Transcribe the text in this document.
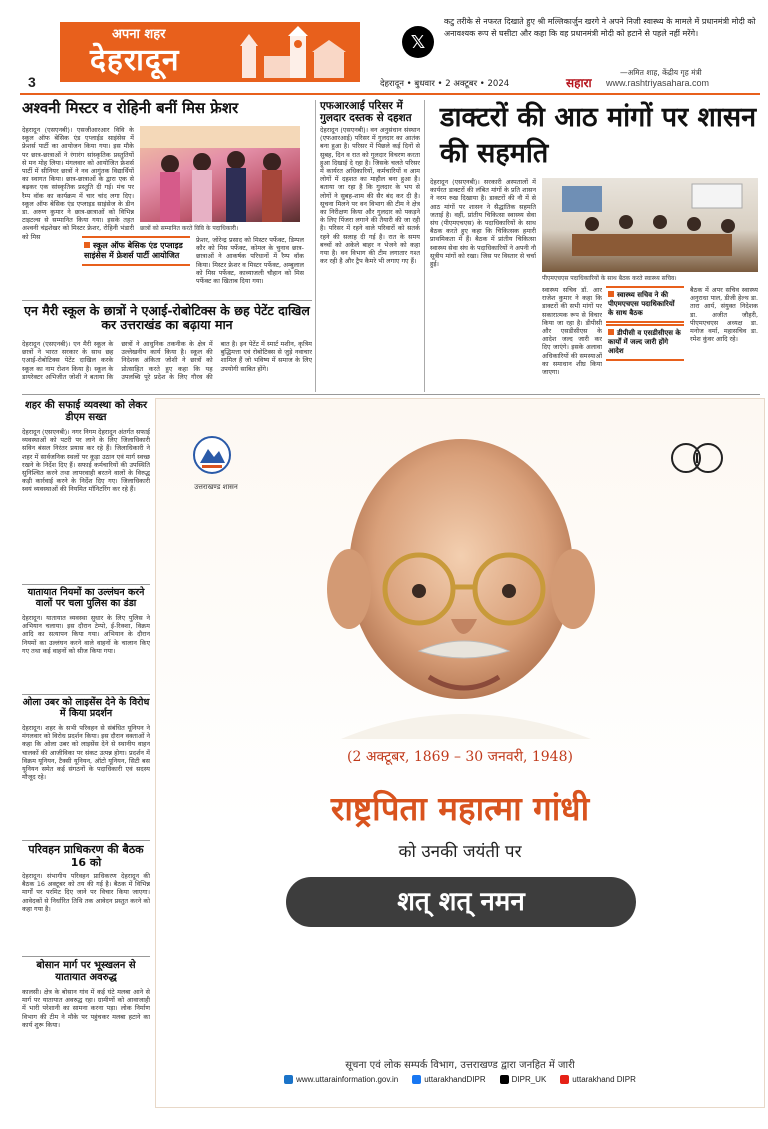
3
अपना शहर
देहरादून
𝕏
कटु तरीके से नफरत दिखाते हुए श्री मल्लिकार्जुन खरगे ने अपने निजी स्वास्थ्य के मामले में प्रधानमंत्री मोदी को अनावश्यक रूप से घसीटा और कहा कि वह प्रधानमंत्री मोदी को हटाने से पहले नहीं मरेंगे।
—अमित शाह, केंद्रीय गृह मंत्री
देहरादून • बुधवार • 2 अक्टूबर • 2024	सहारा www.rashtriyasahara.com
अश्वनी मिस्टर व रोहिनी बनीं मिस फ्रेशर
देहरादून (एसएनबी)। एसजीआरआर विवि के स्कूल ऑफ बेसिक एंड एप्लाईड साइंसेस में फ्रेशर्स पार्टी का आयोजन किया गया। इस मौके पर छात्र-छात्राओं ने रंगारंग सांस्कृतिक प्रस्तुतियों से मन मोह लिया। मंगलवार को आयोजित फ्रेशर्स पार्टी में सीनियर छात्रों ने नव आगुंतक विद्यार्थियों का स्वागत किया। छात्र-छात्राओं के द्वारा एक से बढ़कर एक सांस्कृतिक प्रस्तुति दी गई। मंच पर रैम्प वॉक का कार्यक्रम में चार चांद लगा दिए। स्कूल ऑफ बेसिक एंड एप्लाइड साइंसेज के डीन डा. अरुण कुमार ने छात्र-छात्राओं को विभिन्न टाइटल्स से सम्मानित किया गया। इसके तहत अश्वनी चंद्रशेखर को मिस्टर फ्रेशर, रोहिनी भंडारी को मिस
छात्रों को सम्मानित करते विवि के पदाधिकारी।
स्कूल ऑफ बेसिक एंड एप्लाइड साइंसेस में फ्रेशर्स पार्टी आयोजित
फ्रेशर, जोरेन्द्र प्रसाद को मिस्टर पर्फेक्ट, डिम्पल कौर को मिस पर्फेक्ट, कोमल के चुनाव छात्र-छात्राओं ने आकर्षक परिधानों में रैम्प वॉक किया। मिस्टर फ्रेशर व मिस्टर पर्फेक्ट, अम्बुलाल को मिस पर्फेक्ट, काव्याजली चौहान को मिस पर्फेक्ट का खिताब दिया गया।
एन मैरी स्कूल के छात्रों ने एआई-रोबोटिक्स के छह पेटेंट दाखिल कर उत्तराखंड का बढ़ाया मान
देहरादून (एसएनबी)। एन मैरी स्कूल के छात्रों ने भारत सरकार के साथ छह एआई-रोबोटिक्स पेटेंट दाखिल करके स्कूल का नाम रोशन किया है। स्कूल के डायरेक्टर अभिजीत जोशी ने बताया कि छात्रों ने आधुनिक तकनीक के क्षेत्र में उल्लेखनीय कार्य किया है। स्कूल की निदेशक अंकिता जोशी ने छात्रों को प्रोत्साहित करते हुए कहा कि यह उपलब्धि पूरे प्रदेश के लिए गौरव की बात है। इन पेटेंट में स्मार्ट मशीन, कृत्रिम बुद्धिमत्ता एवं रोबोटिक्स से जुड़े नवाचार शामिल हैं जो भविष्य में समाज के लिए उपयोगी साबित होंगे।
एफआरआई परिसर में गुलदार दस्तक से दहशत
देहरादून (एसएनबी)। वन अनुसंधान संस्थान (एफआरआई) परिसर में गुलदार का आतंक बना हुआ है। परिसर में पिछले कई दिनों से सुबह, दिन व रात को गुलदार विचरण करता हुआ दिखाई दे रहा है। जिसके चलते परिसर में कार्यरत अधिकारियों, कर्मचारियों व आम लोगों में दहशत का माहौल बना हुआ है। बताया जा रहा है कि गुलदार के भय से लोगों ने सुबह-शाम की सैर बंद कर दी है। सूचना मिलने पर वन विभाग की टीम ने क्षेत्र का निरीक्षण किया और गुलदार को पकड़ने के लिए पिंजरा लगाने की तैयारी की जा रही है। परिसर में रहने वाले परिवारों को सतर्क रहने की सलाह दी गई है। रात के समय बच्चों को अकेले बाहर न भेजने को कहा गया है। वन विभाग की टीम लगातार गश्त कर रही है और ट्रैप कैमरे भी लगाए गए हैं।
डाक्टरों की आठ मांगों पर शासन की सहमति
देहरादून (एसएनबी)। सरकारी अस्पतालों में कार्यरत डाक्टरों की लंबित मांगों के प्रति शासन ने नरम रुख दिखाया है। डाक्टरों की नौ में से आठ मांगों पर शासन ने सैद्धांतिक सहमति जताई है। वहीं, प्रांतीय चिकित्सा स्वास्थ्य सेवा संघ (पीएमएचएस) के पदाधिकारियों के साथ बैठक करते हुए कहा कि चिकित्सक हमारी प्राथमिकता में हैं। बैठक में प्रांतीय चिकित्सा स्वास्थ्य सेवा संघ के पदाधिकारियों ने अपनी नौ सूत्रीय मांगों को रखा। जिस पर विस्तार से चर्चा हुई।
पीएमएचएस पदाधिकारियों के साथ बैठक करते स्वास्थ्य सचिव।
स्वास्थ्य सचिव डॉ. आर राजेश कुमार ने कहा कि डाक्टरों की सभी मांगों पर सकारात्मक रूप से विचार किया जा रहा है। डीपीसी और एसडीसीएस के आदेश जल्द जारी कर दिए जाएंगे। इसके अलावा अधिकारियों की समस्याओं का समाधान शीघ्र किया जाएगा।
स्वास्थ्य सचिव ने की पीएमएचएस पदाधिकारियों के साथ बैठक
डीपीसी व एसडीसीएस के कार्यों में जल्द जारी होंगे आदेश
बैठक में अपर सचिव स्वास्थ्य अनुराधा पाल, डीजी हेल्थ डा. तारा आर्य, संयुक्त निदेशक डा. अजीत जौहरी, पीएमएचएस अध्यक्ष डा. मनोज वर्मा, महासचिव डा. रमेश कुंवर आदि रहे।
शहर की सफाई व्यवस्था को लेकर डीएम सख्त
देहरादून (एसएनबी)। नगर निगम देहरादून अंतर्गत सफाई व्यवस्थाओं को पटरी पर लाने के लिए जिलाधिकारी सविन बंसल निरंतर प्रयास कर रहे हैं। जिलाधिकारी ने शहर में सार्वजनिक स्थलों पर कूड़ा उठान एवं मार्ग स्वच्छ रखने के निर्देश दिए हैं। सफाई कर्मचारियों की उपस्थिति सुनिश्चित करने तथा लापरवाही बरतने वालों के विरुद्ध कड़ी कार्रवाई करने के निर्देश दिए गए। जिलाधिकारी स्वयं व्यवस्थाओं की नियमित मॉनिटरिंग कर रहे हैं।
यातायात नियमों का उल्लंघन करने वालों पर चला पुलिस का डंडा
देहरादून। यातायात व्यवस्था सुधार के लिए पुलिस ने अभियान चलाया। इस दौरान टेम्पो, ई-रिक्शा, विक्रम आदि का सत्यापन किया गया। अभियान के दौरान नियमों का उल्लंघन करने वाले वाहनों के चालान किए गए तथा कई वाहनों को सीज किया गया।
ओला उबर को लाइसेंस देने के विरोध में किया प्रदर्शन
देहरादून। शहर के सभी परिवहन से संबंधित यूनियन ने मंगलवार को विरोध प्रदर्शन किया। इस दौरान वक्ताओं ने कहा कि ओला उबर को लाइसेंस देने से स्थानीय वाहन चालकों की आजीविका पर संकट उत्पन्न होगा। प्रदर्शन में विक्रम यूनियन, टैक्सी यूनियन, ऑटो यूनियन, सिटी बस यूनियन समेत कई संगठनों के पदाधिकारी एवं सदस्य मौजूद रहे।
परिवहन प्राधिकरण की बैठक 16 को
देहरादून। संभागीय परिवहन प्राधिकरण देहरादून की बैठक 16 अक्टूबर को तय की गई है। बैठक में विभिन्न मार्गों पर परमिट दिए जाने पर विचार किया जाएगा। आवेदकों से निर्धारित तिथि तक आवेदन प्रस्तुत करने को कहा गया है।
बोसान मार्ग पर भूस्खलन से यातायात अवरुद्ध
कालसी। क्षेत्र के बोसान गांव में कई घंटे मलबा आने से मार्ग पर यातायात अवरुद्ध रहा। ग्रामीणों को आवाजाही में भारी परेशानी का सामना करना पड़ा। लोक निर्माण विभाग की टीम ने मौके पर पहुंचकर मलबा हटाने का कार्य शुरू किया।
उत्तराखण्ड शासन
(2 अक्टूबर, 1869 – 30 जनवरी, 1948)
राष्ट्रपिता महात्मा गांधी
को उनकी जयंती पर
शत् शत् नमन
सूचना एवं लोक सम्पर्क विभाग, उत्तराखण्ड द्वारा जनहित में जारी
www.uttarainformation.gov.in	uttarakhandDIPR	DIPR_UK	uttarakhand DIPR
